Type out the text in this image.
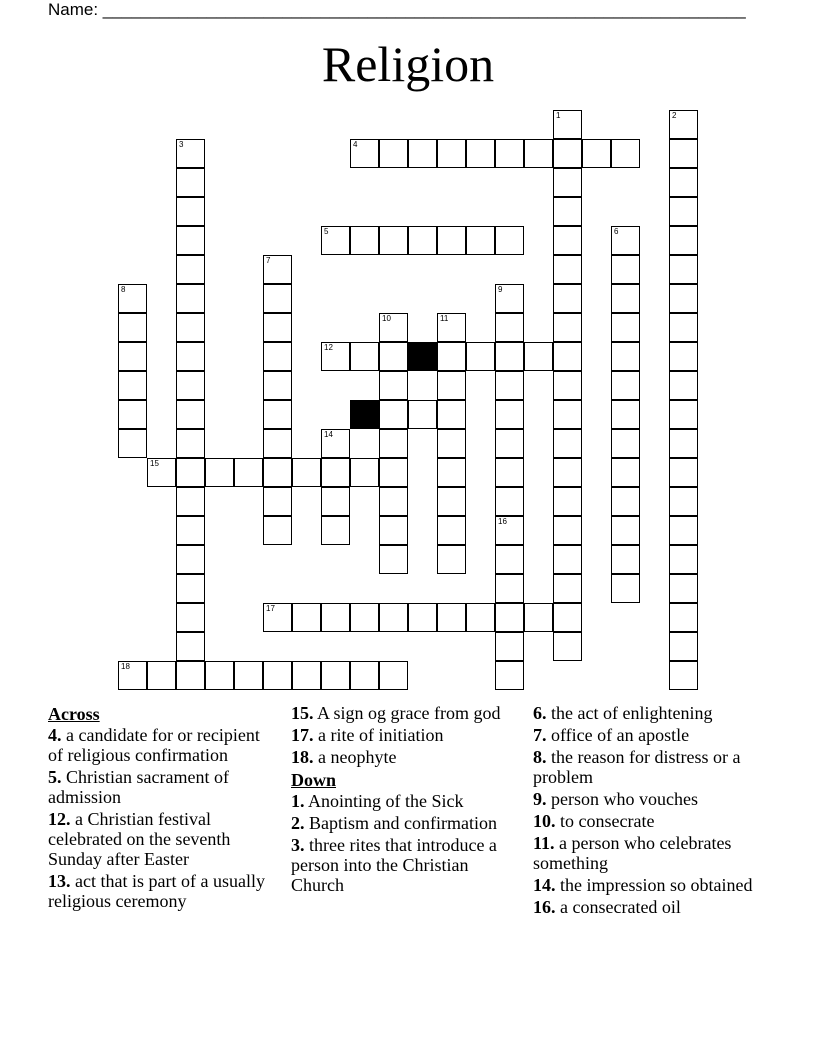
Name: ____________________________________________________________________
Religion
13
4
5
12
15
17
18
1	2
3
6
7
8	9
10	11
14
16
Across
4. a candidate for or recipient of religious confirmation
5. Christian sacrament of admission
12. a Christian festival celebrated on the seventh Sunday after Easter
13. act that is part of a usually religious ceremony
15. A sign og grace from god
17. a rite of initiation
18. a neophyte
Down
1. Anointing of the Sick
2. Baptism and confirmation
3. three rites that introduce a person into the Christian Church
6. the act of enlightening
7. office of an apostle
8. the reason for distress or a problem
9. person who vouches
10. to consecrate
11. a person who celebrates something
14. the impression so obtained
16. a consecrated oil
